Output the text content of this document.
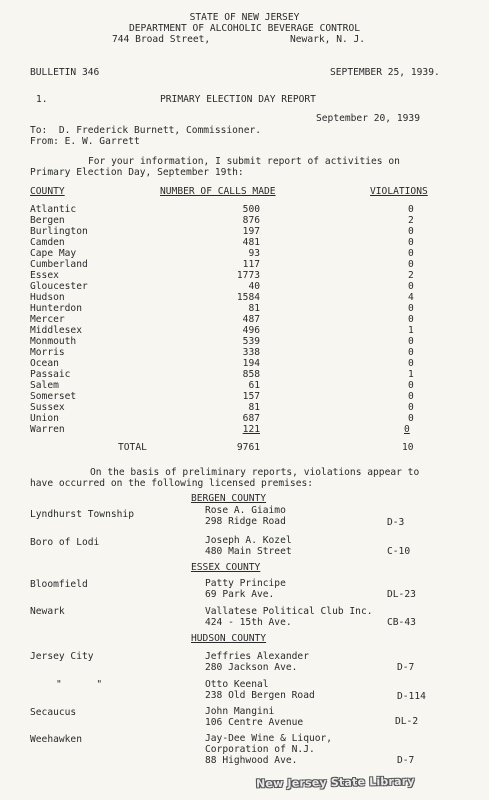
STATE OF NEW JERSEY
DEPARTMENT OF ALCOHOLIC BEVERAGE CONTROL
744 Broad Street,	Newark, N. J.
BULLETIN 346	SEPTEMBER 25, 1939.
1.	PRIMARY ELECTION DAY REPORT
September 20, 1939
To:  D. Frederick Burnett, Commissioner.
From: E. W. Garrett
For your information, I submit report of activities on
Primary Election Day, September 19th:
COUNTY	NUMBER OF CALLS MADE	VIOLATIONS
Atlantic	500	0
Bergen	876	2
Burlington	197	0
Camden	481	0
Cape May	93	0
Cumberland	117	0
Essex	1773	2
Gloucester	40	0
Hudson	1584	4
Hunterdon	81	0
Mercer	487	0
Middlesex	496	1
Monmouth	539	0
Morris	338	0
Ocean	194	0
Passaic	858	1
Salem	61	0
Somerset	157	0
Sussex	81	0
Union	687	0
Warren	121	0
TOTAL	9761	10
On the basis of preliminary reports, violations appear to
have occurred on the following licensed premises:
BERGEN COUNTY
Lyndhurst Township	Rose A. Giaimo
298 Ridge Road	D-3
Boro of Lodi	Joseph A. Kozel
480 Main Street	C-10
ESSEX COUNTY
Bloomfield	Patty Principe
69 Park Ave.	DL-23
Newark	Vallatese Political Club Inc.
424 - 15th Ave.	CB-43
HUDSON COUNTY
Jersey City	Jeffries Alexander
280 Jackson Ave.	D-7
"      "	Otto Keenal
238 Old Bergen Road	D-114
Secaucus	John Mangini
106 Centre Avenue	DL-2
Weehawken	Jay-Dee Wine & Liquor,
Corporation of N.J.
88 Highwood Ave.	D-7
New Jersey State Library
